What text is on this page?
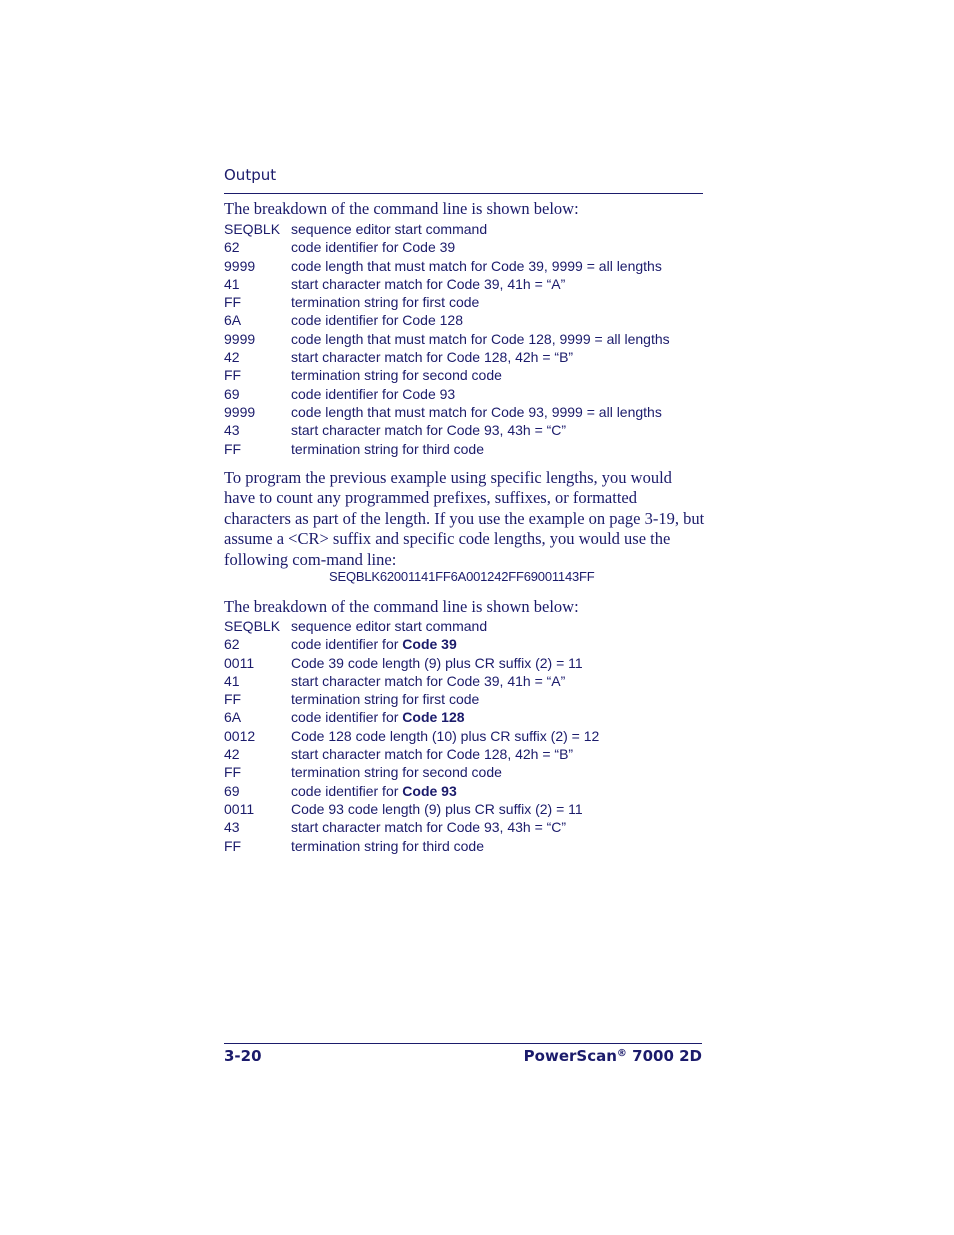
Output
The breakdown of the command line is shown below:
SEQBLK sequence editor start command
62	code identifier for Code 39
9999	code length that must match for Code 39, 9999 = all lengths
41	start character match for Code 39, 41h = “A”
FF	termination string for first code
6A	code identifier for Code 128
9999	code length that must match for Code 128, 9999 = all lengths
42	start character match for Code 128, 42h = “B”
FF	termination string for second code
69	code identifier for Code 93
9999	code length that must match for Code 93, 9999 = all lengths
43	start character match for Code 93, 43h = “C”
FF	termination string for third code
To program the previous example using specific lengths, you would have to count any programmed prefixes, suffixes, or formatted characters as part of the length. If you use the example on page 3-19, but assume a <CR> suffix and specific code lengths, you would use the following com-mand line:
SEQBLK62001141FF6A001242FF69001143FF
The breakdown of the command line is shown below:
SEQBLK sequence editor start command
62	code identifier for Code 39
0011	Code 39 code length (9) plus CR suffix (2) = 11
41	start character match for Code 39, 41h = “A”
FF	termination string for first code
6A	code identifier for Code 128
0012	Code 128 code length (10) plus CR suffix (2) = 12
42	start character match for Code 128, 42h = “B”
FF	termination string for second code
69	code identifier for Code 93
0011	Code 93 code length (9) plus CR suffix (2) = 11
43	start character match for Code 93, 43h = “C”
FF	termination string for third code
3-20	PowerScan® 7000 2D
